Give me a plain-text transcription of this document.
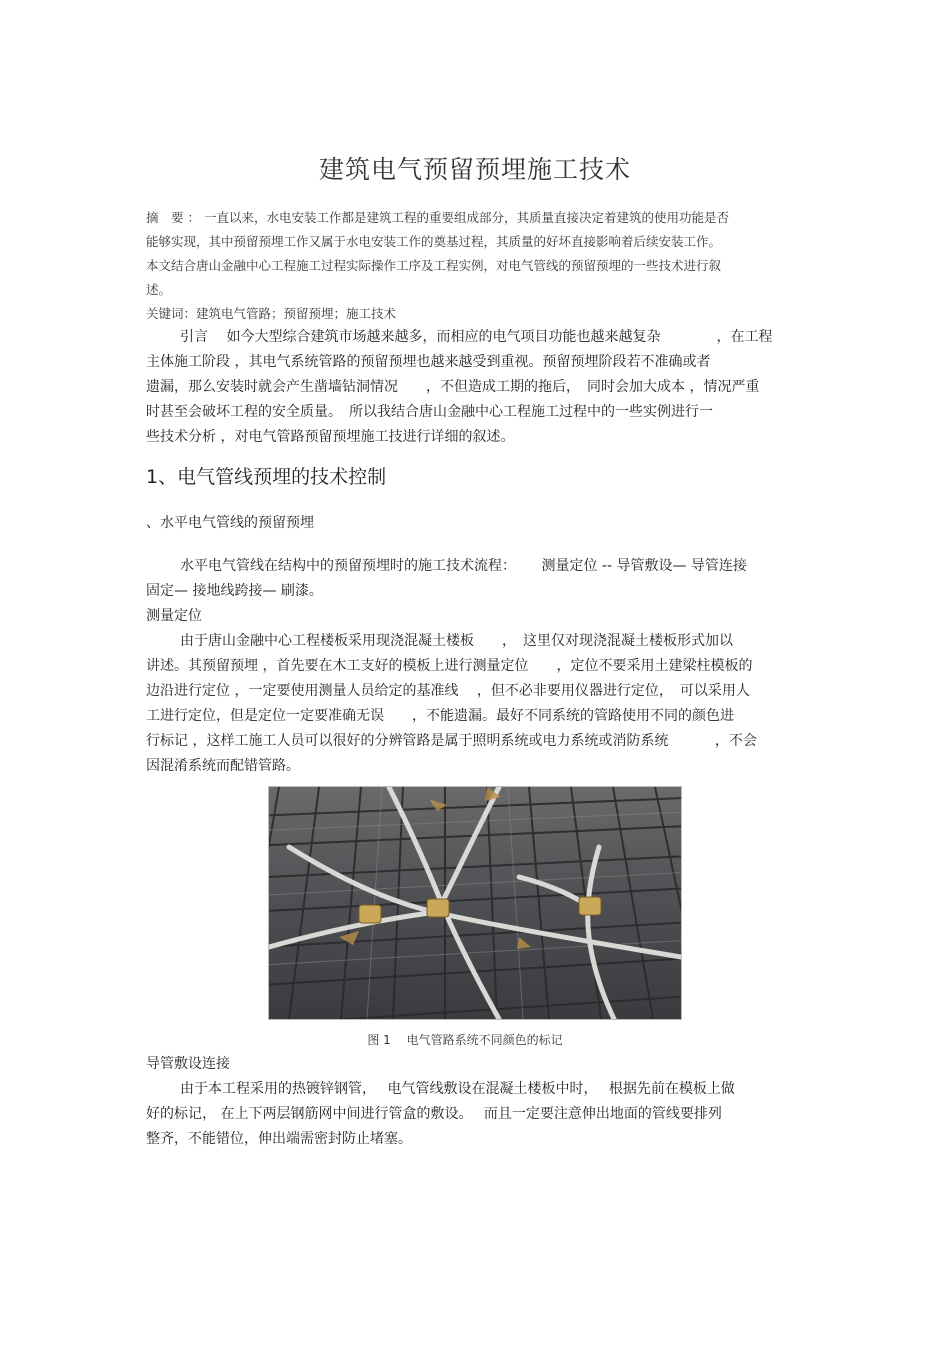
建筑电气预留预埋施工技术
摘　要 ： 一直以来，水电安装工作都是建筑工程的重要组成部分，其质量直接决定着建筑的使用功能是否
能够实现，其中预留预埋工作又属于水电安装工作的奠基过程，其质量的好坏直接影响着后续安装工作。
本文结合唐山金融中心工程施工过程实际操作工序及工程实例，对电气管线的预留预埋的一些技术进行叙
述。
关键词：建筑电气管路；预留预埋；施工技术
引言　 如今大型综合建筑市场越来越多，而相应的电气项目功能也越来越复杂　　　　，在工程
主体施工阶段 ，其电气系统管路的预留预埋也越来越受到重视。预留预埋阶段若不准确或者
遗漏，那么安装时就会产生凿墙钻洞情况　　，不但造成工期的拖后，　同时会加大成本 ，情况严重
时甚至会破坏工程的安全质量。　所以我结合唐山金融中心工程施工过程中的一些实例进行一
些技术分析 ，对电气管路预留预埋施工技进行详细的叙述。
1、电气管线预埋的技术控制
、水平电气管线的预留预埋
水平电气管线在结构中的预留预埋时的施工技术流程：　　 测量定位 -- 导管敷设— 导管连接
固定— 接地线跨接— 刷漆。
测量定位
由于唐山金融中心工程楼板采用现浇混凝土楼板　　，　这里仅对现浇混凝土楼板形式加以
讲述。其预留预埋 ，首先要在木工支好的模板上进行测量定位　　，定位不要采用土建梁柱模板的
边沿进行定位 ，一定要使用测量人员给定的基准线　 ，但不必非要用仪器进行定位，　可以采用人
工进行定位，但是定位一定要准确无误　　，不能遗漏。最好不同系统的管路使用不同的颜色进
行标记 ，这样工施工人员可以很好的分辨管路是属于照明系统或电力系统或消防系统　　　 ，不会
因混淆系统而配错管路。
图 1　 电气管路系统不同颜色的标记
导管敷设连接
由于本工程采用的热镀锌钢管，　 电气管线敷设在混凝土楼板中时，　 根据先前在模板上做
好的标记， 在上下两层钢筋网中间进行管盒的敷设。　 而且一定要注意伸出地面的管线要排列
整齐，不能错位，伸出端需密封防止堵塞。
